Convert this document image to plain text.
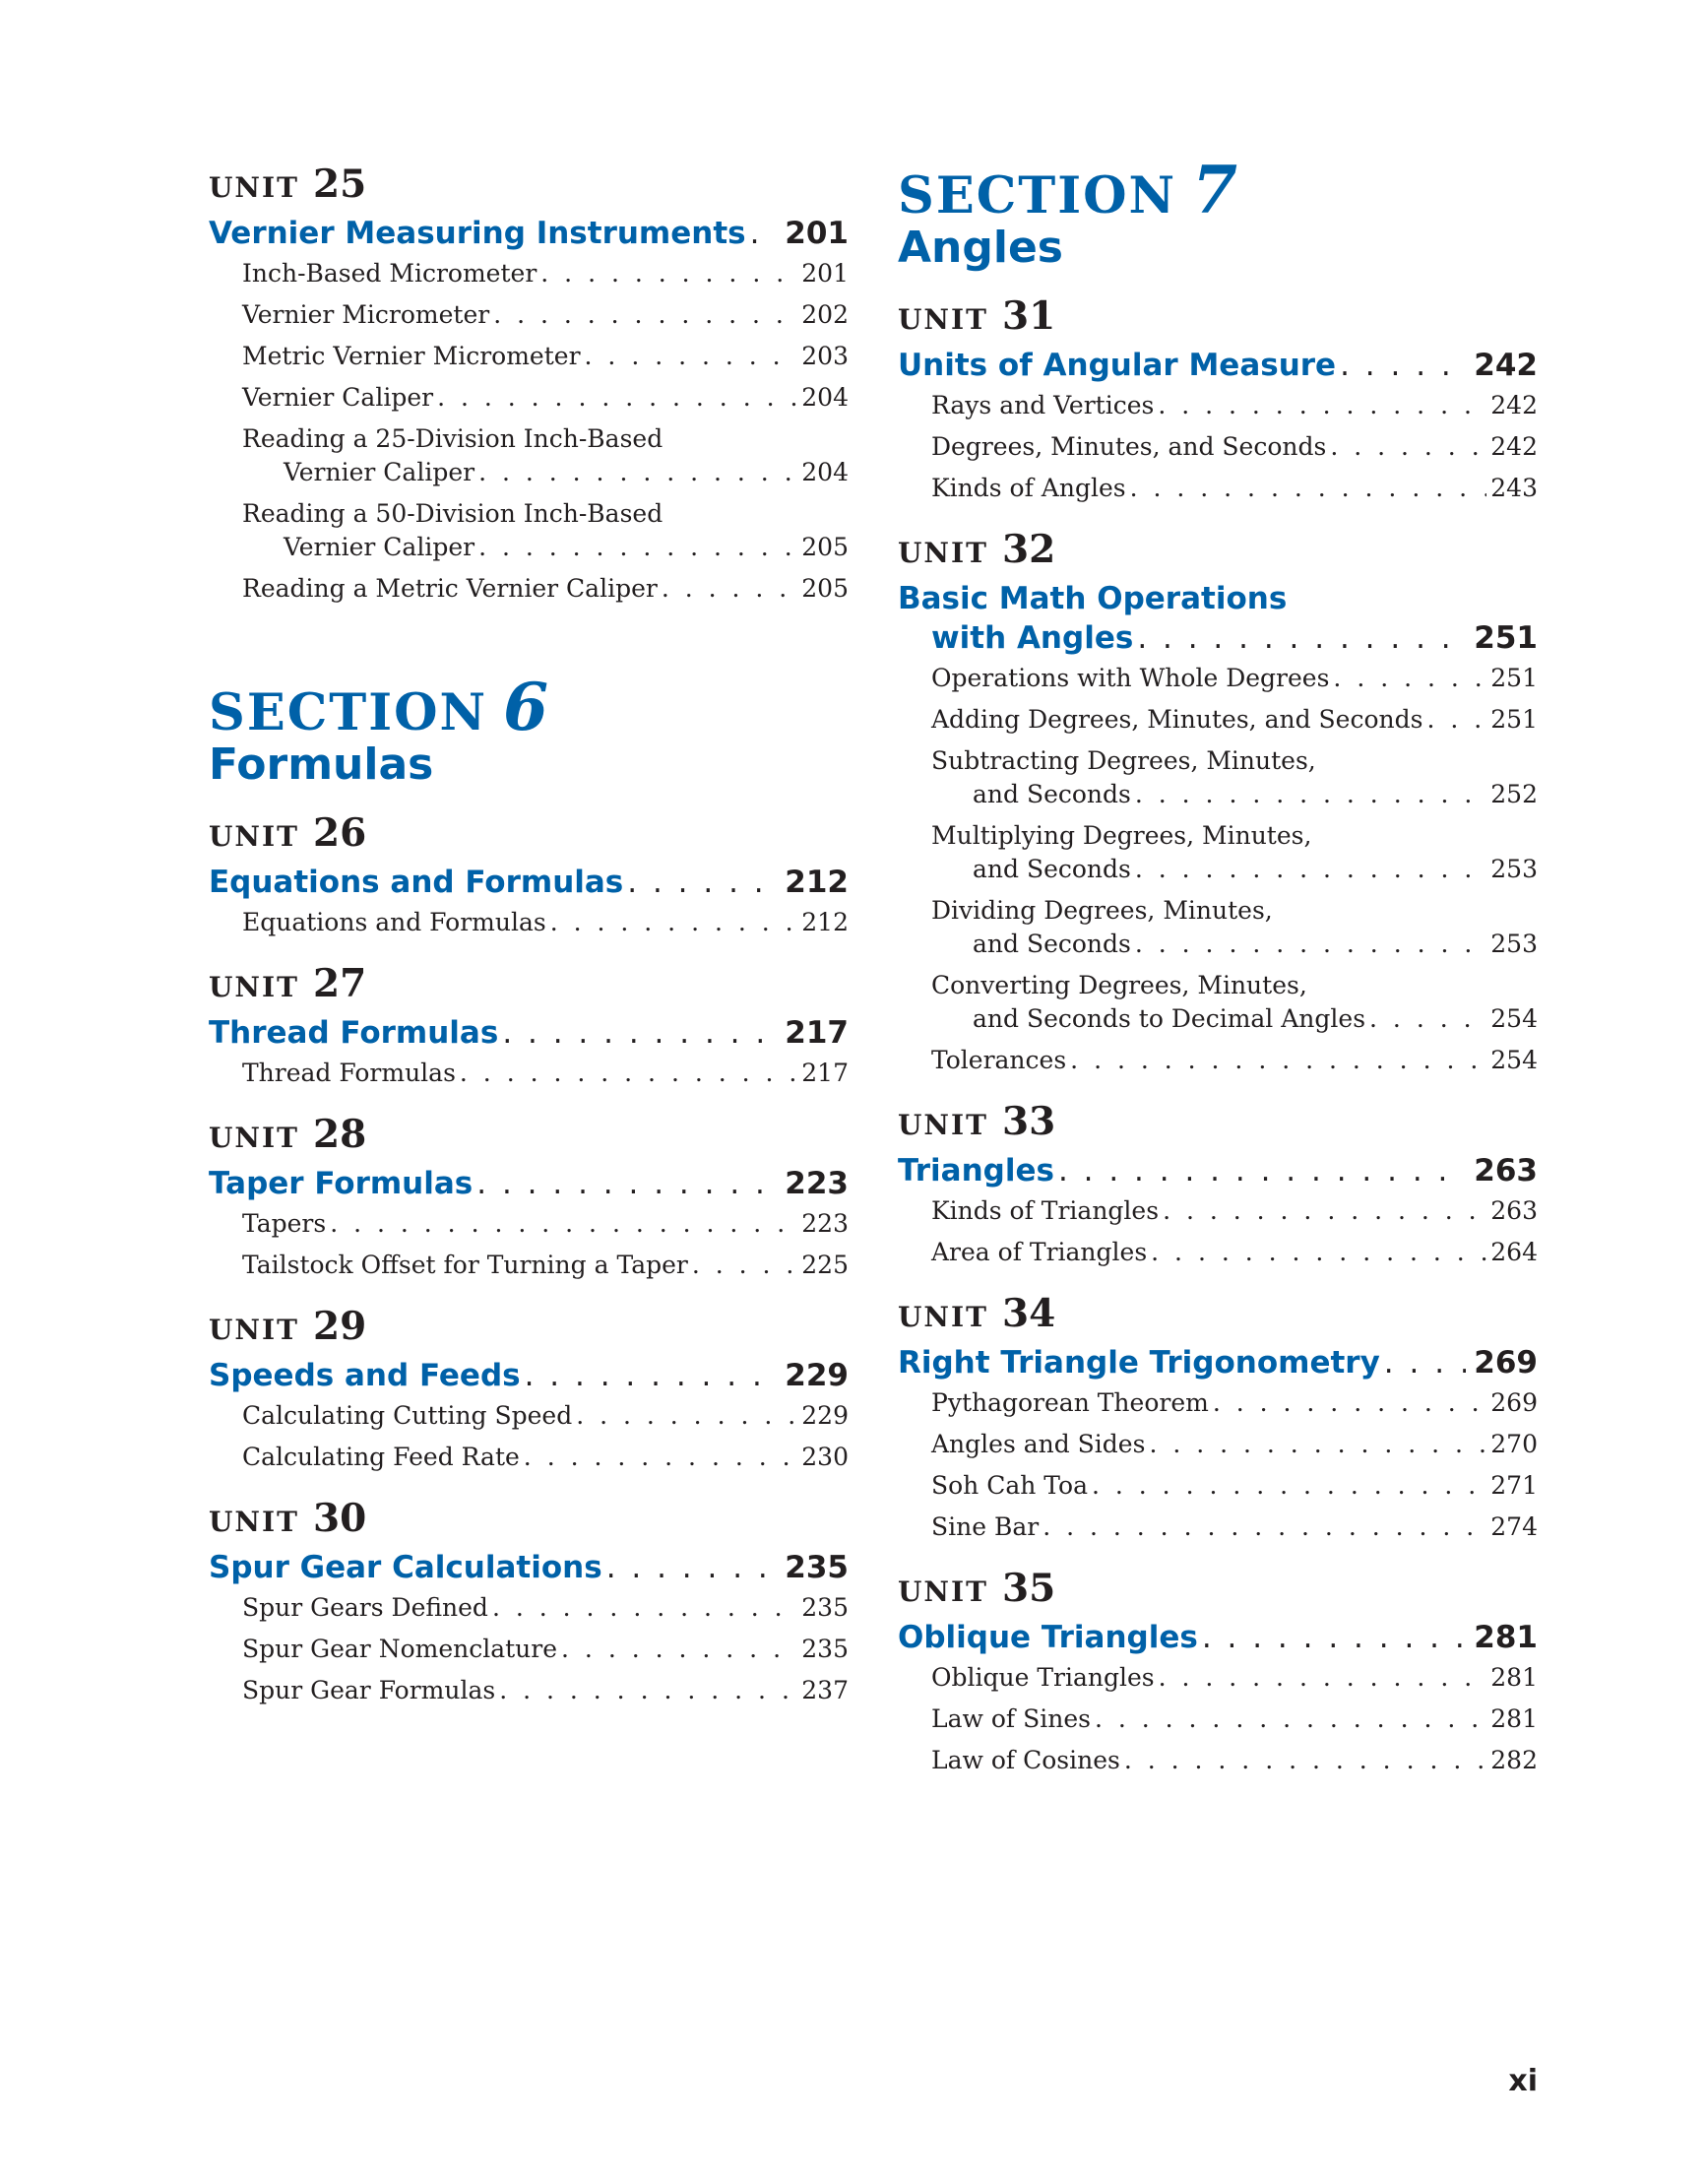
UNIT 25
Vernier Measuring Instruments . . . 201
Inch-Based Micrometer . . .	201
Vernier Micrometer . . .	202
Metric Vernier Micrometer . . .	203
Vernier Caliper . . .	204
Reading a 25-Division Inch-Based
Vernier Caliper . . .	204
Reading a 50-Division Inch-Based
Vernier Caliper . . .	205
Reading a Metric Vernier Caliper . . .	205
SECTION 6
Formulas
UNIT 26
Equations and Formulas . . .	212
Equations and Formulas . . .	212
UNIT 27
Thread Formulas . . .	217
Thread Formulas . . .	217
UNIT 28
Taper Formulas . . .	223
Tapers . . .	223
Tailstock Offset for Turning a Taper . . .	225
UNIT 29
Speeds and Feeds . . .	229
Calculating Cutting Speed . . .	229
Calculating Feed Rate . . .	230
UNIT 30
Spur Gear Calculations . . .	235
Spur Gears Defined . . .	235
Spur Gear Nomenclature . . .	235
Spur Gear Formulas . . .	237
SECTION 7
Angles
UNIT 31
Units of Angular Measure . . .	242
Rays and Vertices . . .	242
Degrees, Minutes, and Seconds . . .	242
Kinds of Angles . . .	243
UNIT 32
Basic Math Operations
with Angles . . .	251
Operations with Whole Degrees . . .	251
Adding Degrees, Minutes, and Seconds . . .	251
Subtracting Degrees, Minutes,
and Seconds . . .	252
Multiplying Degrees, Minutes,
and Seconds . . .	253
Dividing Degrees, Minutes,
and Seconds . . .	253
Converting Degrees, Minutes,
and Seconds to Decimal Angles . . .	254
Tolerances . . .	254
UNIT 33
Triangles . . .	263
Kinds of Triangles . . .	263
Area of Triangles . . .	264
UNIT 34
Right Triangle Trigonometry . . .	269
Pythagorean Theorem . . .	269
Angles and Sides . . .	270
Soh Cah Toa . . .	271
Sine Bar . . .	274
UNIT 35
Oblique Triangles . . .	281
Oblique Triangles . . .	281
Law of Sines . . .	281
Law of Cosines . . .	282
xi
